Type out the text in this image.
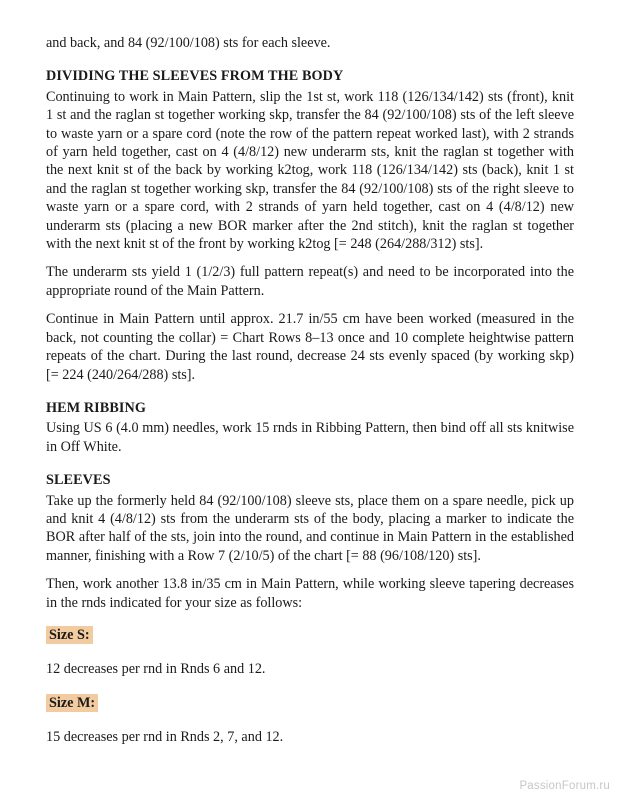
and back, and 84 (92/100/108) sts for each sleeve.

DIVIDING THE SLEEVES FROM THE BODY

Continuing to work in Main Pattern, slip the 1st st, work 118 (126/134/142) sts (front), knit 1 st and the raglan st together working skp, transfer the 84 (92/100/108) sts of the left sleeve to waste yarn or a spare cord (note the row of the pattern repeat worked last), with 2 strands of yarn held together, cast on 4 (4/8/12) new underarm sts, knit the raglan st together with the next knit st of the back by working k2tog, work 118 (126/134/142) sts (back), knit 1 st and the raglan st together working skp, transfer the 84 (92/100/108) sts of the right sleeve to waste yarn or a spare cord, with 2 strands of yarn held together, cast on 4 (4/8/12) new underarm sts (placing a new BOR marker after the 2nd stitch), knit the raglan st together with the next knit st of the front by working k2tog [= 248 (264/288/312) sts].

The underarm sts yield 1 (1/2/3) full pattern repeat(s) and need to be incorporated into the appropriate round of the Main Pattern.

Continue in Main Pattern until approx. 21.7 in/55 cm have been worked (measured in the back, not counting the collar) = Chart Rows 8–13 once and 10 complete heightwise pattern repeats of the chart. During the last round, decrease 24 sts evenly spaced (by working skp) [= 224 (240/264/288) sts].

HEM RIBBING

Using US 6 (4.0 mm) needles, work 15 rnds in Ribbing Pattern, then bind off all sts knitwise in Off White.

SLEEVES

Take up the formerly held 84 (92/100/108) sleeve sts, place them on a spare needle, pick up and knit 4 (4/8/12) sts from the underarm sts of the body, placing a marker to indicate the BOR after half of the sts, join into the round, and continue in Main Pattern in the established manner, finishing with a Row 7 (2/10/5) of the chart [= 88 (96/108/120) sts].

Then, work another 13.8 in/35 cm in Main Pattern, while working sleeve tapering decreases in the rnds indicated for your size as follows:

Size S:

12 decreases per rnd in Rnds 6 and 12.

Size M:

15 decreases per rnd in Rnds 2, 7, and 12.

PassionForum.ru
